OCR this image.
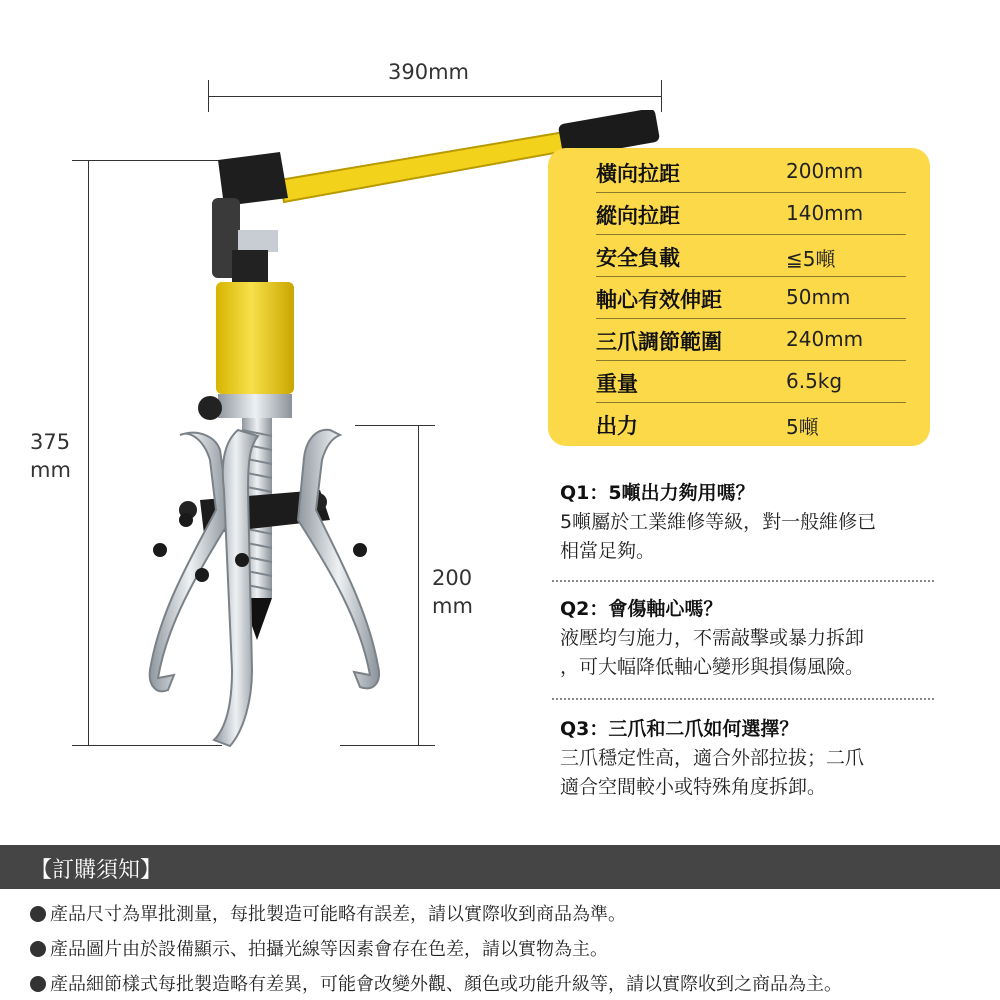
390mm
375
mm
200
mm
橫向拉距	200mm
縱向拉距	140mm
安全負載	≦5噸
軸心有效伸距	50mm
三爪調節範圍	240mm
重量	6.5kg
出力	5噸
Q1：5噸出力夠用嗎？
5噸屬於工業維修等級，對一般維修已
相當足夠。
Q2：會傷軸心嗎？
液壓均勻施力，不需敲擊或暴力拆卸
，可大幅降低軸心變形與損傷風險。
Q3：三爪和二爪如何選擇？
三爪穩定性高，適合外部拉拔；二爪
適合空間較小或特殊角度拆卸。
【訂購須知】
產品尺寸為單批測量，每批製造可能略有誤差，請以實際收到商品為準。
產品圖片由於設備顯示、拍攝光線等因素會存在色差，請以實物為主。
產品細節樣式每批製造略有差異，可能會改變外觀、顏色或功能升級等，請以實際收到之商品為主。
